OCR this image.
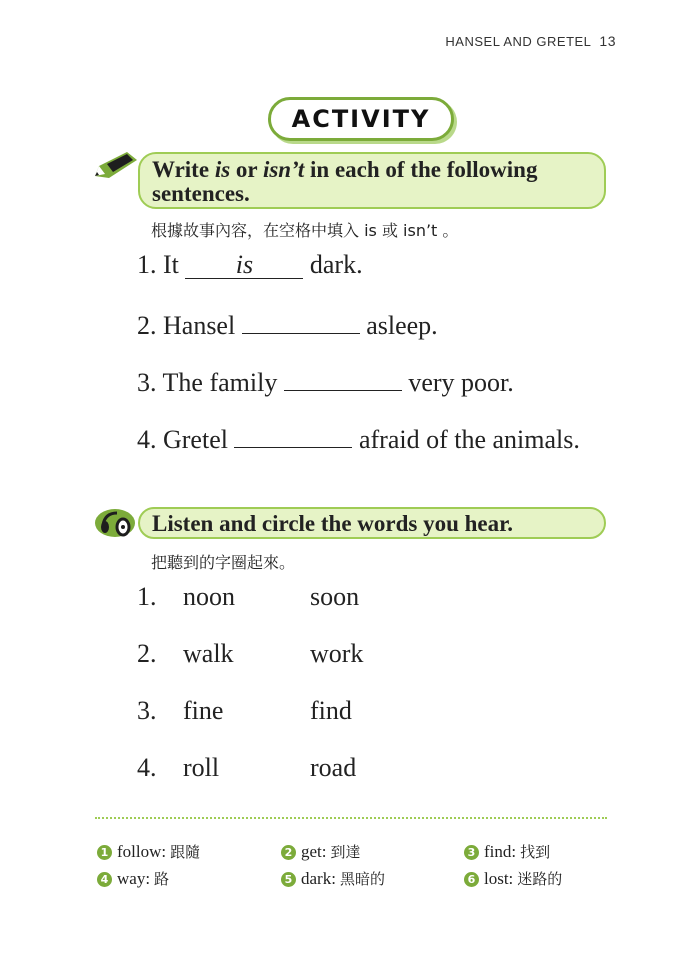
HANSEL AND GRETEL 13
ACTIVITY
Write is or isn’t in each of the following sentences.
根據故事內容，在空格中填入 is 或 isn’t 。
1. It is dark.
2. Hansel	asleep.
3. The family	very poor.
4. Gretel	afraid of the animals.
Listen and circle the words you hear.
把聽到的字圈起來。
1. noon	soon
2. walk	work
3. fine	find
4. roll	road
1 follow: 跟隨	2 get: 到達	3 find: 找到
4 way: 路	5 dark: 黑暗的	6 lost: 迷路的
